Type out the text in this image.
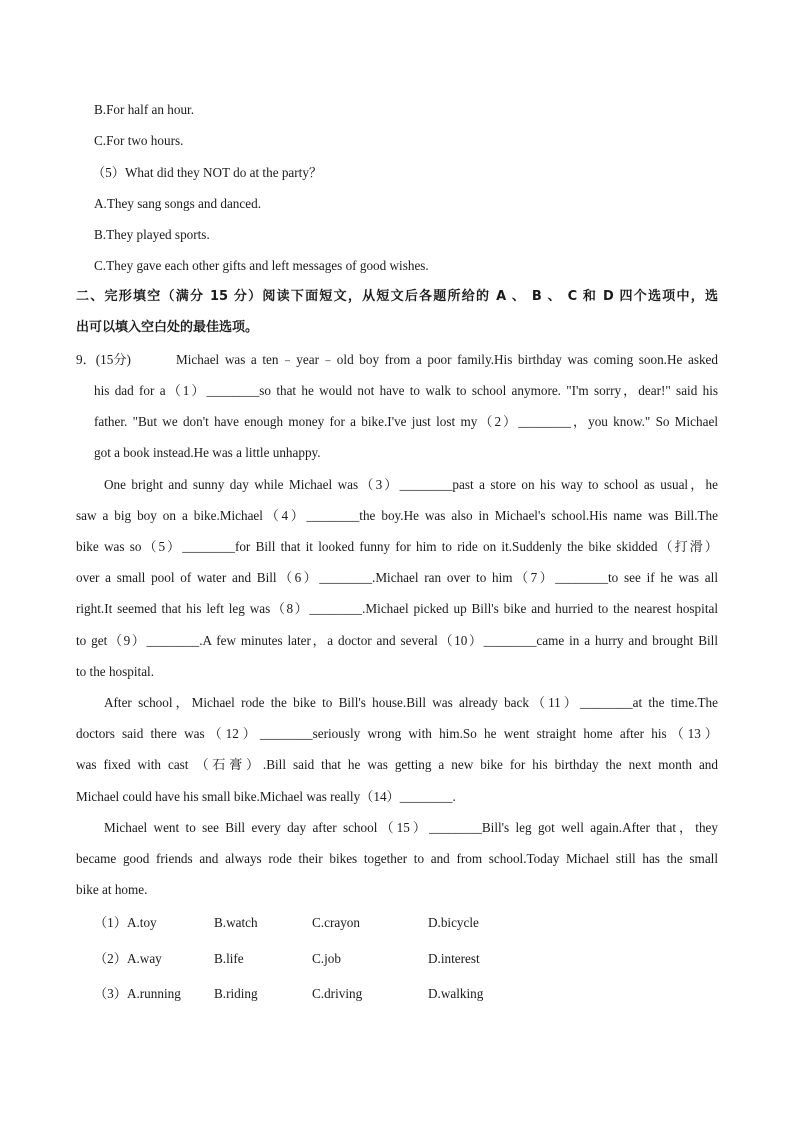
B.For half an hour.
C.For two hours.
（5）What did they NOT do at the party？
A.They sang songs and danced.
B.They played sports.
C.They gave each other gifts and left messages of good wishes.
二、完形填空（满分 15 分）阅读下面短文，从短文后各题所给的 A 、 B 、 C 和 D 四个选项中，选
出可以填入空白处的最佳选项。
9．(15分)	Michael was a ten﹣year﹣old boy from a poor family.His birthday was coming soon.He asked
his dad for a（1）________so that he would not have to walk to school anymore. "I'm sorry，dear!" said his
father. "But we don't have enough money for a bike.I've just lost my（2）________，you know." So Michael
got a book instead.He was a little unhappy.
One bright and sunny day while Michael was（3）________past a store on his way to school as usual，he
saw a big boy on a bike.Michael（4）________the boy.He was also in Michael's school.His name was Bill.The
bike was so（5）________for Bill that it looked funny for him to ride on it.Suddenly the bike skidded（打滑）
over a small pool of water and Bill（6）________.Michael ran over to him（7）________to see if he was all
right.It seemed that his left leg was（8）________.Michael picked up Bill's bike and hurried to the nearest hospital
to get（9）________.A few minutes later，a doctor and several（10）________came in a hurry and brought Bill
to the hospital.
After school，Michael rode the bike to Bill's house.Bill was already back（11）________at the time.The
doctors said there was（12）________seriously wrong with him.So he went straight home after his（13）
was fixed with cast （石膏）.Bill said that he was getting a new bike for his birthday the next month and
Michael could have his small bike.Michael was really（14）________.
Michael went to see Bill every day after school（15）________Bill's leg got well again.After that，they
became good friends and always rode their bikes together to and from school.Today Michael still has the small
bike at home.
（1）A.toy	B.watch	C.crayon	D.bicycle
（2）A.way	B.life	C.job	D.interest
（3）A.running	B.riding	C.driving	D.walking
